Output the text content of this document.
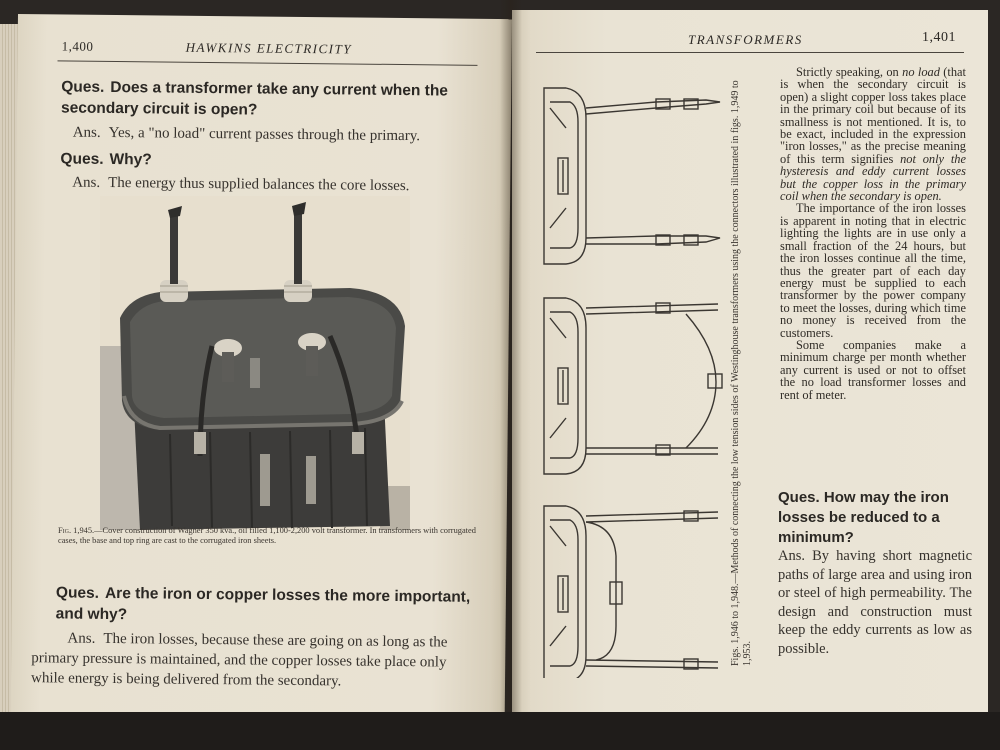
1,400	HAWKINS ELECTRICITY
Ques. Does a transformer take any current when the secondary circuit is open?
Ans. Yes, a "no load" current passes through the primary.
Ques. Why?
Ans. The energy thus supplied balances the core losses.
Ques. Are the iron or copper losses the more important, and why?
Ans. The iron losses, because these are going on as long as the primary pressure is maintained, and the copper losses take place only while energy is being delivered from the secondary.
Fig. 1,945.—Cover construction of Wagner 350 kva., oil filled 1,100-2,200 volt transformer. In transformers with corrugated cases, the base and top ring are cast to the corrugated iron sheets.
TRANSFORMERS	1,401
Figs. 1,946 to 1,948.—Methods of connecting the low tension sides of Westinghouse transformers using the connectors illustrated in figs. 1,949 to 1,953.

Strictly speaking, on no load (that is when the secondary circuit is open) a slight copper loss takes place in the primary coil but because of its smallness is not mentioned. It is, to be exact, included in the expression "iron losses," as the precise meaning of this term signifies not only the hysteresis and eddy current losses but the copper loss in the primary coil when the secondary is open.

The importance of the iron losses is apparent in noting that in electric lighting the lights are in use only a small fraction of the 24 hours, but the iron losses continue all the time, thus the greater part of each day energy must be supplied to each transformer by the power company to meet the losses, during which time no money is received from the customers.

Some companies make a minimum charge per month whether any current is used or not to offset the no load transformer losses and rent of meter.

Ques. How may the iron losses be reduced to a minimum?
Ans. By having short magnetic paths of large area and using iron or steel of high permeability. The design and construction must keep the eddy currents as low as possible.
